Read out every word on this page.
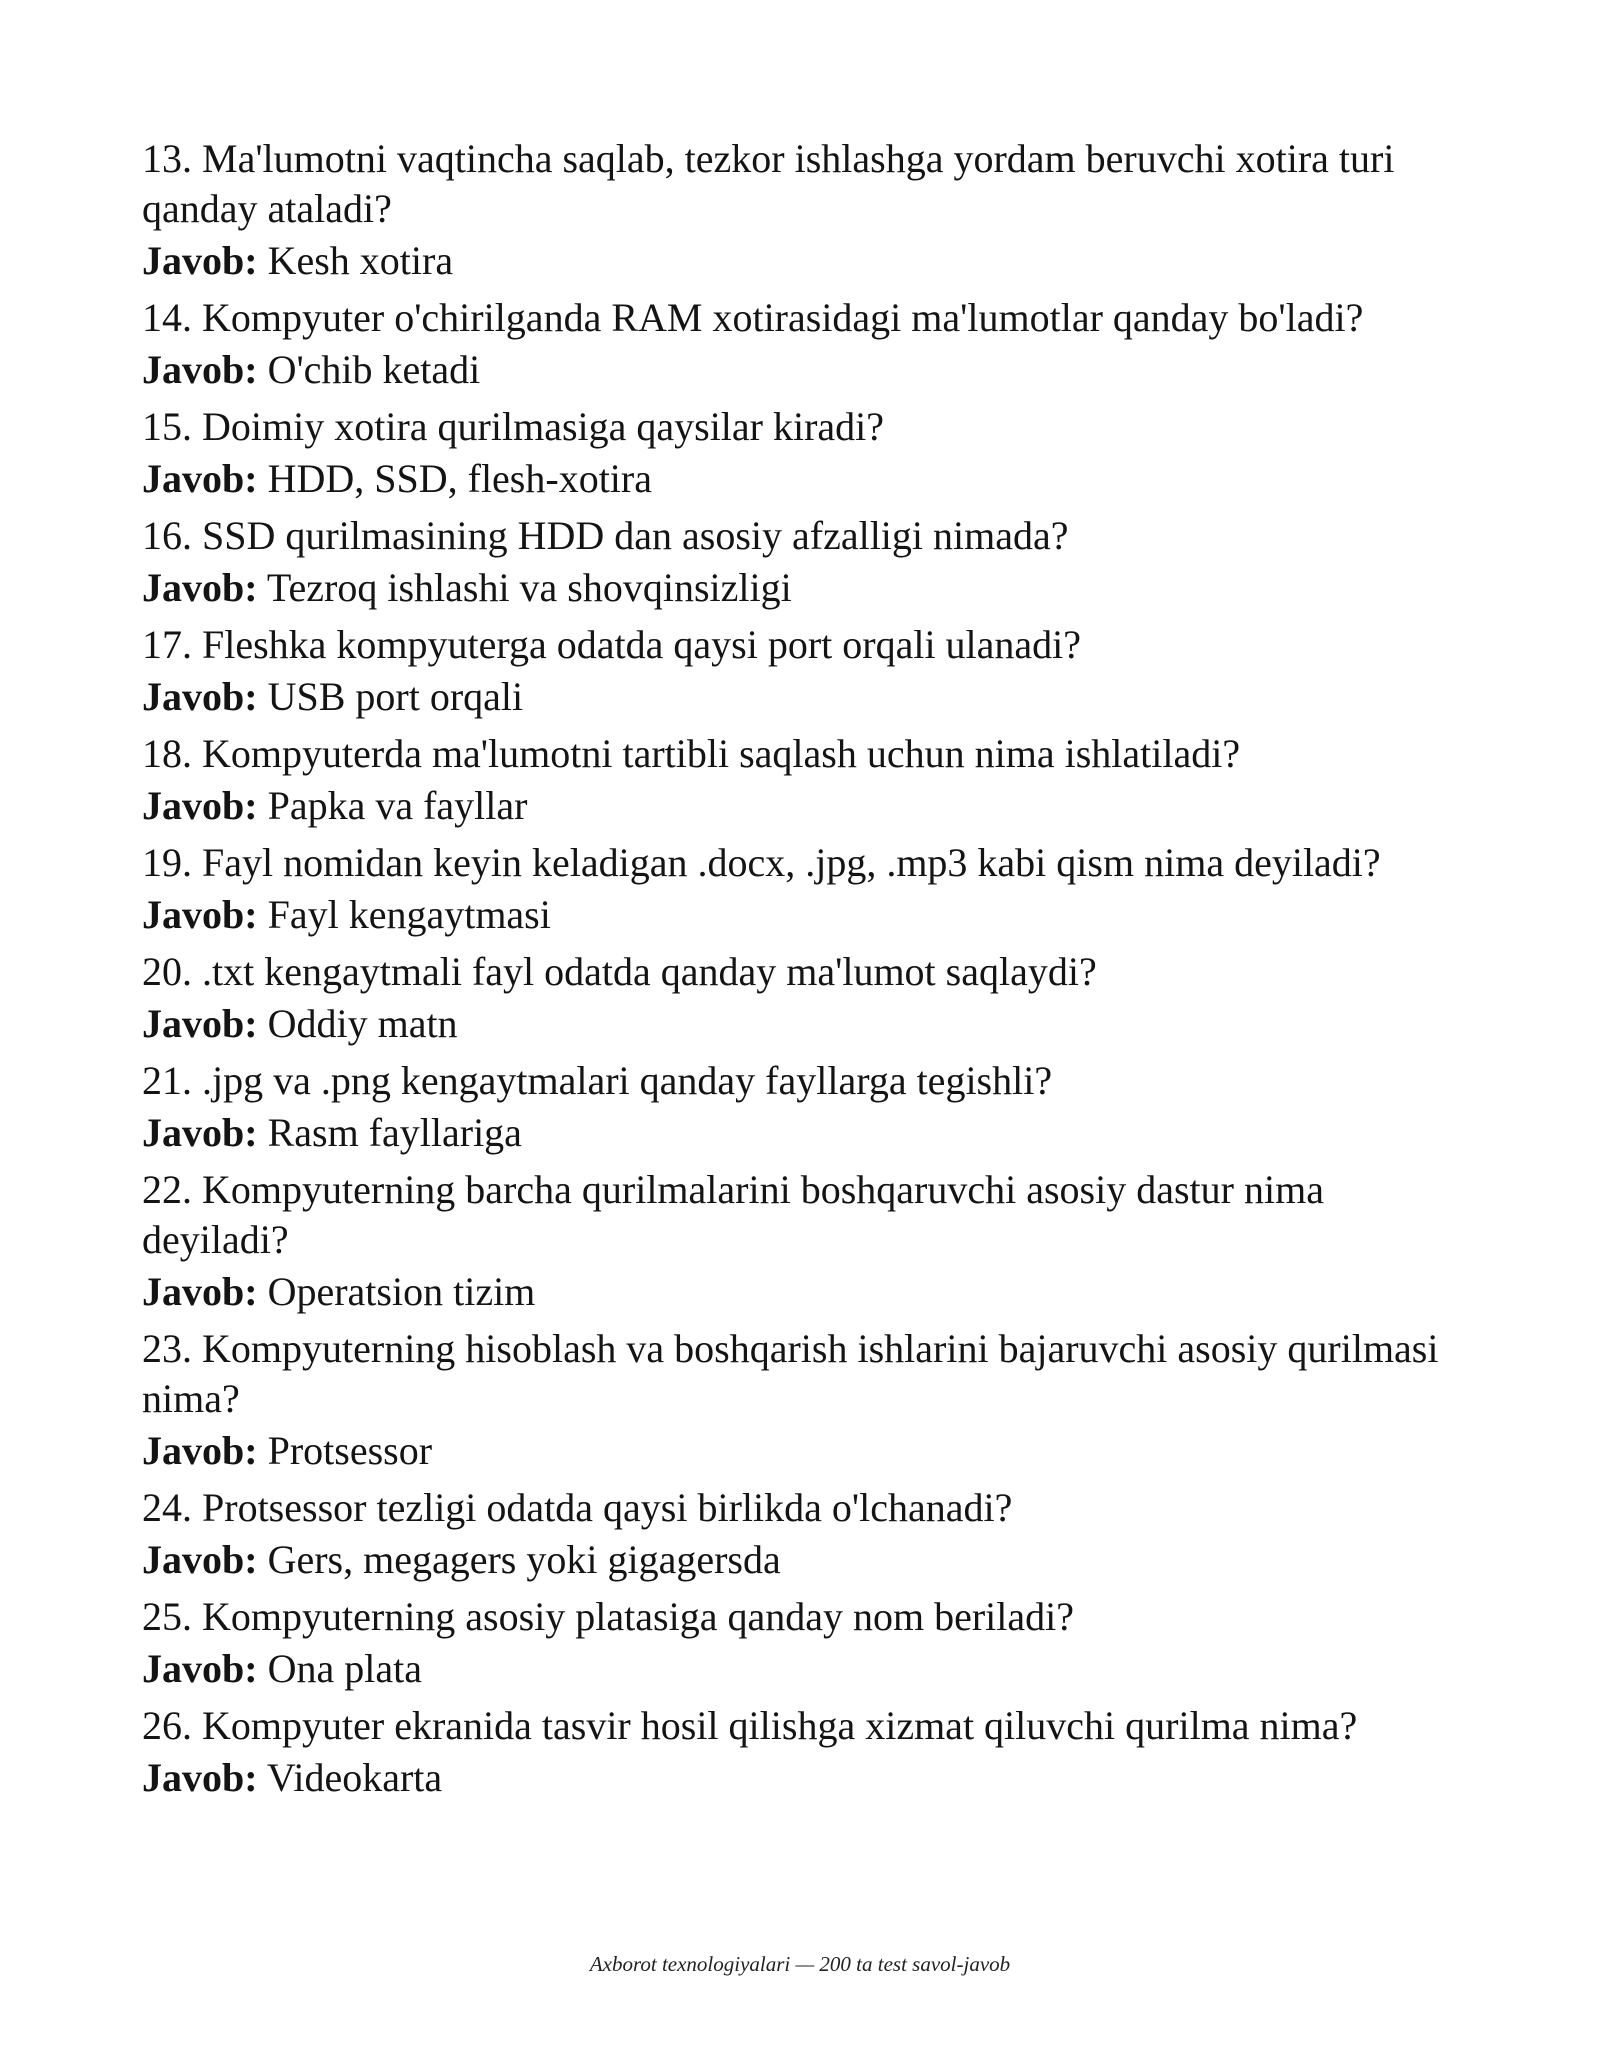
13. Ma'lumotni vaqtincha saqlab, tezkor ishlashga yordam beruvchi xotira turi qanday ataladi?

Javob: Kesh xotira

14. Kompyuter o'chirilganda RAM xotirasidagi ma'lumotlar qanday bo'ladi?

Javob: O'chib ketadi

15. Doimiy xotira qurilmasiga qaysilar kiradi?

Javob: HDD, SSD, flesh-xotira

16. SSD qurilmasining HDD dan asosiy afzalligi nimada?

Javob: Tezroq ishlashi va shovqinsizligi

17. Fleshka kompyuterga odatda qaysi port orqali ulanadi?

Javob: USB port orqali

18. Kompyuterda ma'lumotni tartibli saqlash uchun nima ishlatiladi?

Javob: Papka va fayllar

19. Fayl nomidan keyin keladigan .docx, .jpg, .mp3 kabi qism nima deyiladi?

Javob: Fayl kengaytmasi

20. .txt kengaytmali fayl odatda qanday ma'lumot saqlaydi?

Javob: Oddiy matn

21. .jpg va .png kengaytmalari qanday fayllarga tegishli?

Javob: Rasm fayllariga

22. Kompyuterning barcha qurilmalarini boshqaruvchi asosiy dastur nima deyiladi?

Javob: Operatsion tizim

23. Kompyuterning hisoblash va boshqarish ishlarini bajaruvchi asosiy qurilmasi nima?

Javob: Protsessor

24. Protsessor tezligi odatda qaysi birlikda o'lchanadi?

Javob: Gers, megagers yoki gigagersda

25. Kompyuterning asosiy platasiga qanday nom beriladi?

Javob: Ona plata

26. Kompyuter ekranida tasvir hosil qilishga xizmat qiluvchi qurilma nima?

Javob: Videokarta

Axborot texnologiyalari — 200 ta test savol-javob
